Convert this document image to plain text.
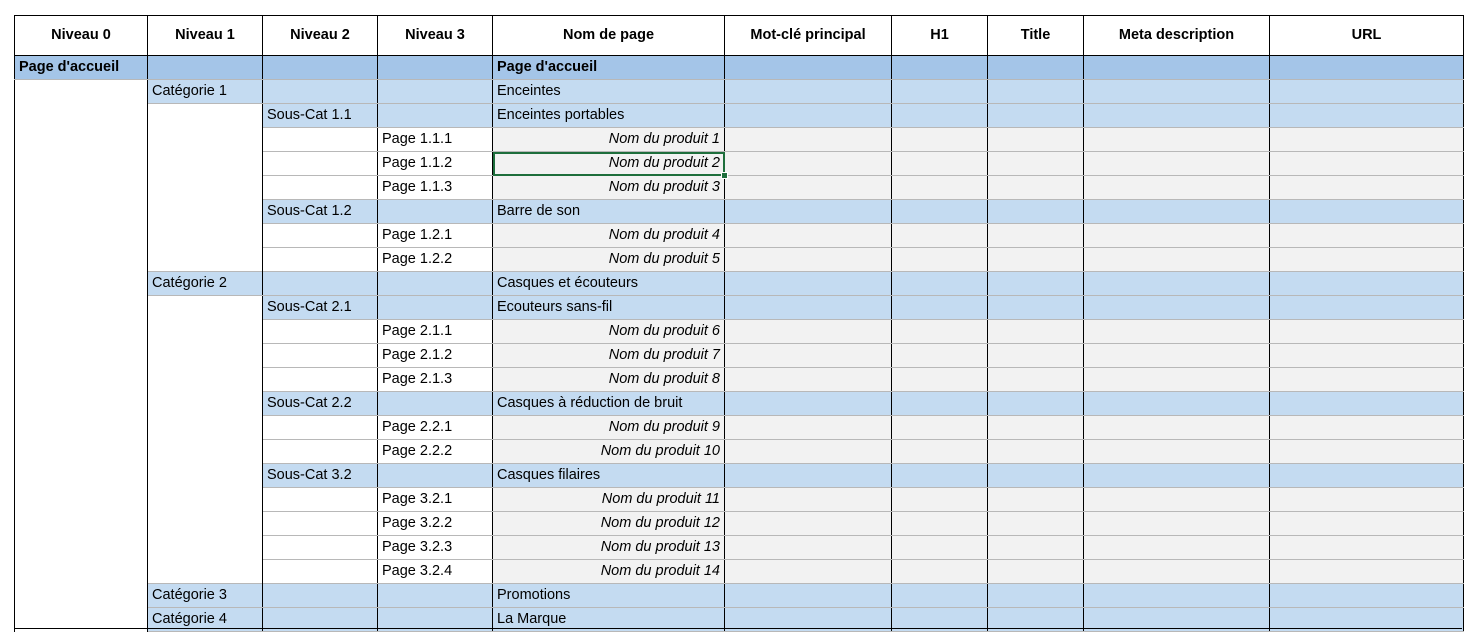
Niveau 0	Niveau 1	Niveau 2	Niveau 3	Nom de page	Mot-clé principal	H1	Title	Meta description	URL
Page d'accueil				Page d'accueil					
	Catégorie 1			Enceintes					
		Sous-Cat 1.1		Enceintes portables					
			Page 1.1.1	Nom du produit 1					
			Page 1.1.2	Nom du produit 2					
			Page 1.1.3	Nom du produit 3					
		Sous-Cat 1.2		Barre de son					
			Page 1.2.1	Nom du produit 4					
			Page 1.2.2	Nom du produit 5					
	Catégorie 2			Casques et écouteurs					
		Sous-Cat 2.1		Ecouteurs sans-fil					
			Page 2.1.1	Nom du produit 6					
			Page 2.1.2	Nom du produit 7					
			Page 2.1.3	Nom du produit 8					
		Sous-Cat 2.2		Casques à réduction de bruit					
			Page 2.2.1	Nom du produit 9					
			Page 2.2.2	Nom du produit 10					
		Sous-Cat 3.2		Casques filaires					
			Page 3.2.1	Nom du produit 11					
			Page 3.2.2	Nom du produit 12					
			Page 3.2.3	Nom du produit 13					
			Page 3.2.4	Nom du produit 14					
	Catégorie 3			Promotions					
	Catégorie 4			La Marque					
